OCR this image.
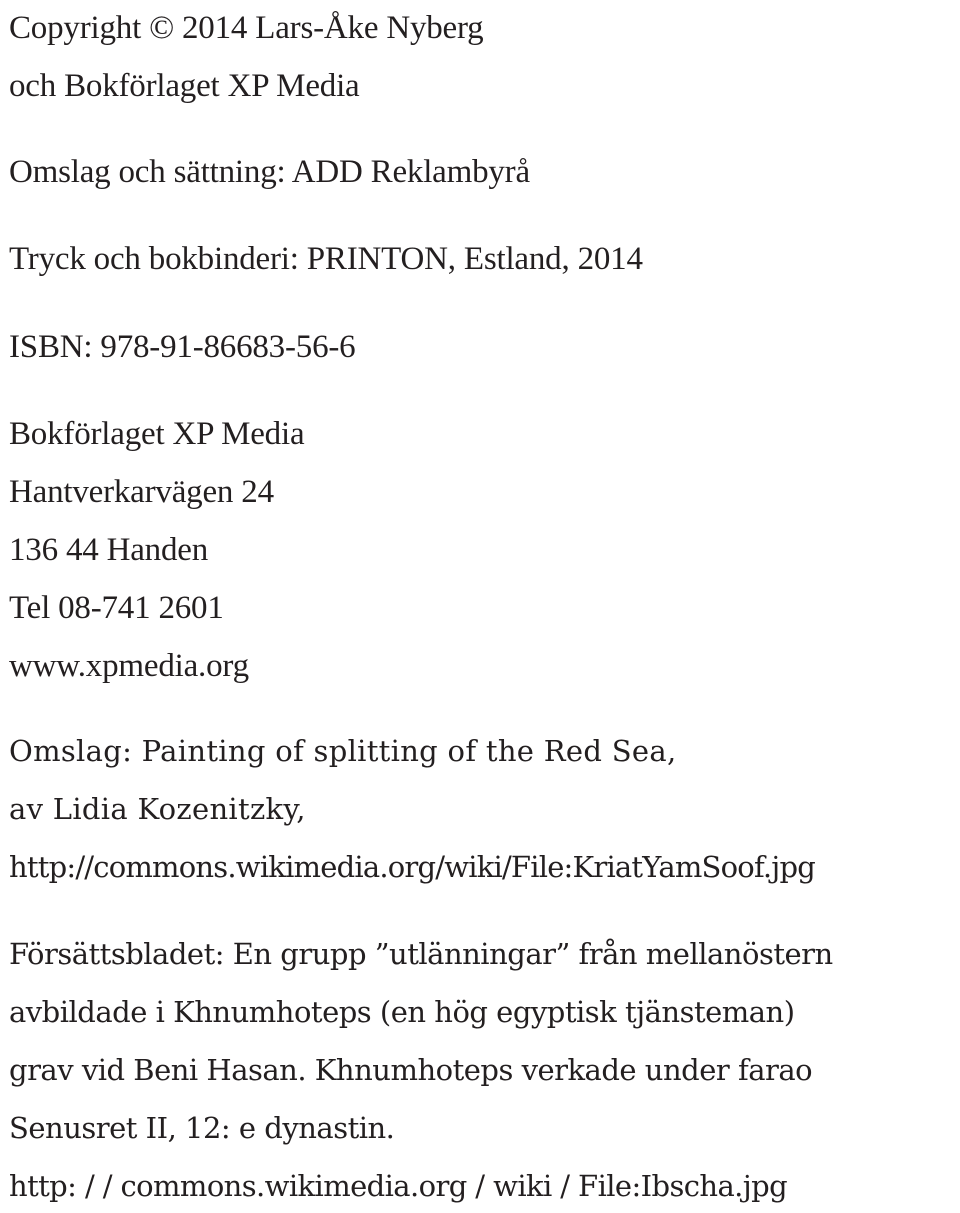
Copyright © 2014 Lars-Åke Nyberg
och Bokförlaget XP Media
Omslag och sättning: ADD Reklambyrå
Tryck och bokbinderi: PRINTON, Estland, 2014
ISBN: 978-91-86683-56-6
Bokförlaget XP Media
Hantverkarvägen 24
136 44 Handen
Tel 08-741 2601
www.xpmedia.org
Omslag: Painting of splitting of the Red Sea,
av Lidia Kozenitzky,
http://commons.wikimedia.org/wiki/File:KriatYamSoof.jpg
Försättsbladet: En grupp ”utlänningar” från mellanöstern
avbildade i Khnumhoteps (en hög egyptisk tjänsteman)
grav vid Beni Hasan. Khnumhoteps verkade under farao
Senusret II, 12: e dynastin.
http: / / commons.wikimedia.org / wiki / File:Ibscha.jpg
